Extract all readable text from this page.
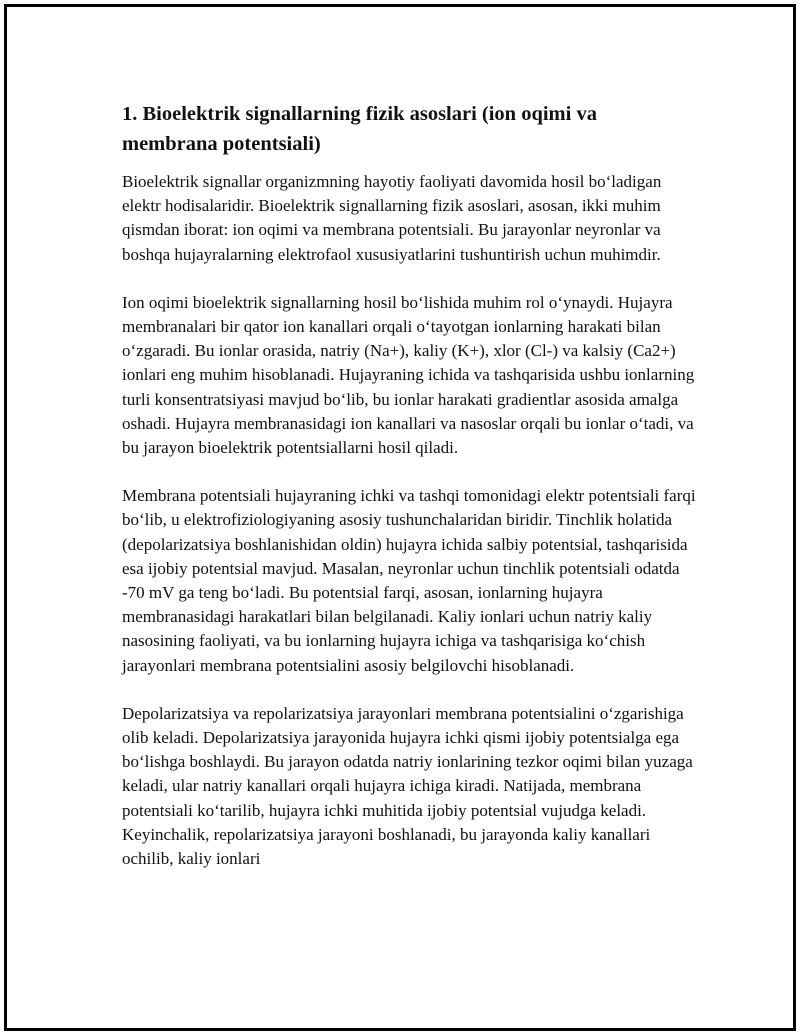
1. Bioelektrik signallarning fizik asoslari (ion oqimi va membrana potentsiali)

Bioelektrik signallar organizmning hayotiy faoliyati davomida hosil bo‘ladigan elektr hodisalaridir. Bioelektrik signallarning fizik asoslari, asosan, ikki muhim qismdan iborat: ion oqimi va membrana potentsiali. Bu jarayonlar neyronlar va boshqa hujayralarning elektrofaol xususiyatlarini tushuntirish uchun muhimdir.

Ion oqimi bioelektrik signallarning hosil bo‘lishida muhim rol o‘ynaydi. Hujayra membranalari bir qator ion kanallari orqali o‘tayotgan ionlarning harakati bilan o‘zgaradi. Bu ionlar orasida, natriy (Na+), kaliy (K+), xlor (Cl-) va kalsiy (Ca2+) ionlari eng muhim hisoblanadi. Hujayraning ichida va tashqarisida ushbu ionlarning turli konsentratsiyasi mavjud bo‘lib, bu ionlar harakati gradientlar asosida amalga oshadi. Hujayra membranasidagi ion kanallari va nasoslar orqali bu ionlar o‘tadi, va bu jarayon bioelektrik potentsiallarni hosil qiladi.

Membrana potentsiali hujayraning ichki va tashqi tomonidagi elektr potentsiali farqi bo‘lib, u elektrofiziologiyaning asosiy tushunchalaridan biridir. Tinchlik holatida (depolarizatsiya boshlanishidan oldin) hujayra ichida salbiy potentsial, tashqarisida esa ijobiy potentsial mavjud. Masalan, neyronlar uchun tinchlik potentsiali odatda -70 mV ga teng bo‘ladi. Bu potentsial farqi, asosan, ionlarning hujayra membranasidagi harakatlari bilan belgilanadi. Kaliy ionlari uchun natriy kaliy nasosining faoliyati, va bu ionlarning hujayra ichiga va tashqarisiga ko‘chish jarayonlari membrana potentsialini asosiy belgilovchi hisoblanadi.

Depolarizatsiya va repolarizatsiya jarayonlari membrana potentsialini o‘zgarishiga olib keladi. Depolarizatsiya jarayonida hujayra ichki qismi ijobiy potentsialga ega bo‘lishga boshlaydi. Bu jarayon odatda natriy ionlarining tezkor oqimi bilan yuzaga keladi, ular natriy kanallari orqali hujayra ichiga kiradi. Natijada, membrana potentsiali ko‘tarilib, hujayra ichki muhitida ijobiy potentsial vujudga keladi. Keyinchalik, repolarizatsiya jarayoni boshlanadi, bu jarayonda kaliy kanallari ochilib, kaliy ionlari
